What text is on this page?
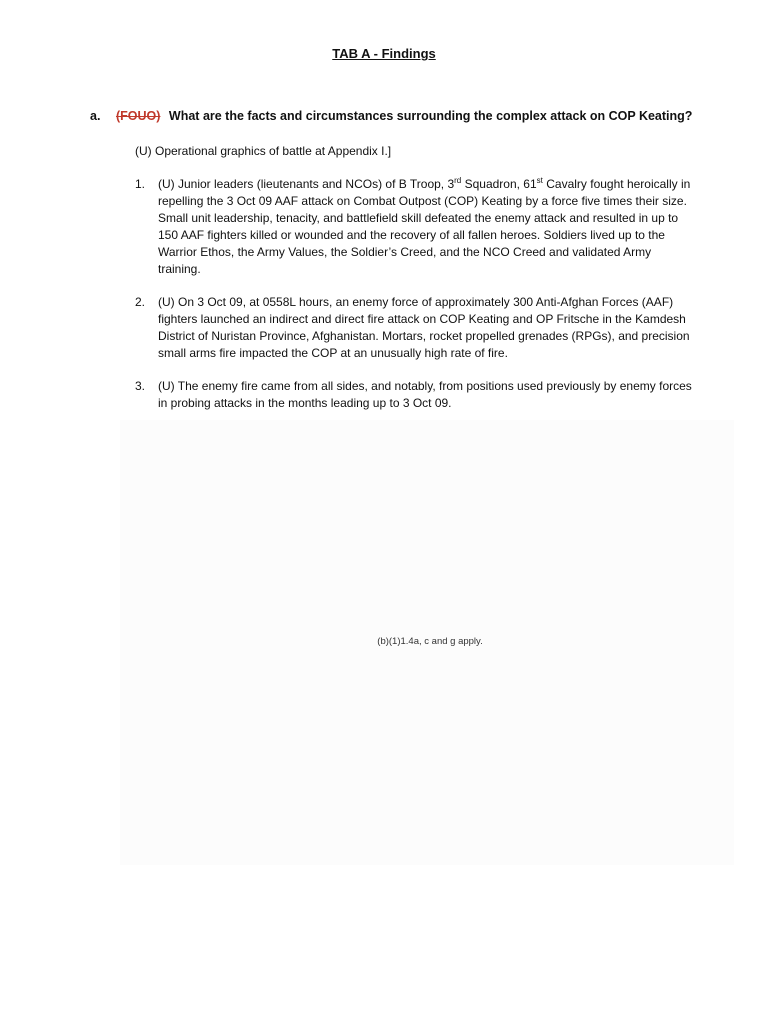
TAB A - Findings
a. (FOUO) What are the facts and circumstances surrounding the complex attack on COP Keating?
(U) Operational graphics of battle at Appendix I.]
1. (U) Junior leaders (lieutenants and NCOs) of B Troop, 3rd Squadron, 61st Cavalry fought heroically in repelling the 3 Oct 09 AAF attack on Combat Outpost (COP) Keating by a force five times their size. Small unit leadership, tenacity, and battlefield skill defeated the enemy attack and resulted in up to 150 AAF fighters killed or wounded and the recovery of all fallen heroes. Soldiers lived up to the Warrior Ethos, the Army Values, the Soldier’s Creed, and the NCO Creed and validated Army training.
2. (U) On 3 Oct 09, at 0558L hours, an enemy force of approximately 300 Anti-Afghan Forces (AAF) fighters launched an indirect and direct fire attack on COP Keating and OP Fritsche in the Kamdesh District of Nuristan Province, Afghanistan. Mortars, rocket propelled grenades (RPGs), and precision small arms fire impacted the COP at an unusually high rate of fire.
3. (U) The enemy fire came from all sides, and notably, from positions used previously by enemy forces in probing attacks in the months leading up to 3 Oct 09.
(b)(1)1.4a, c and g apply.
